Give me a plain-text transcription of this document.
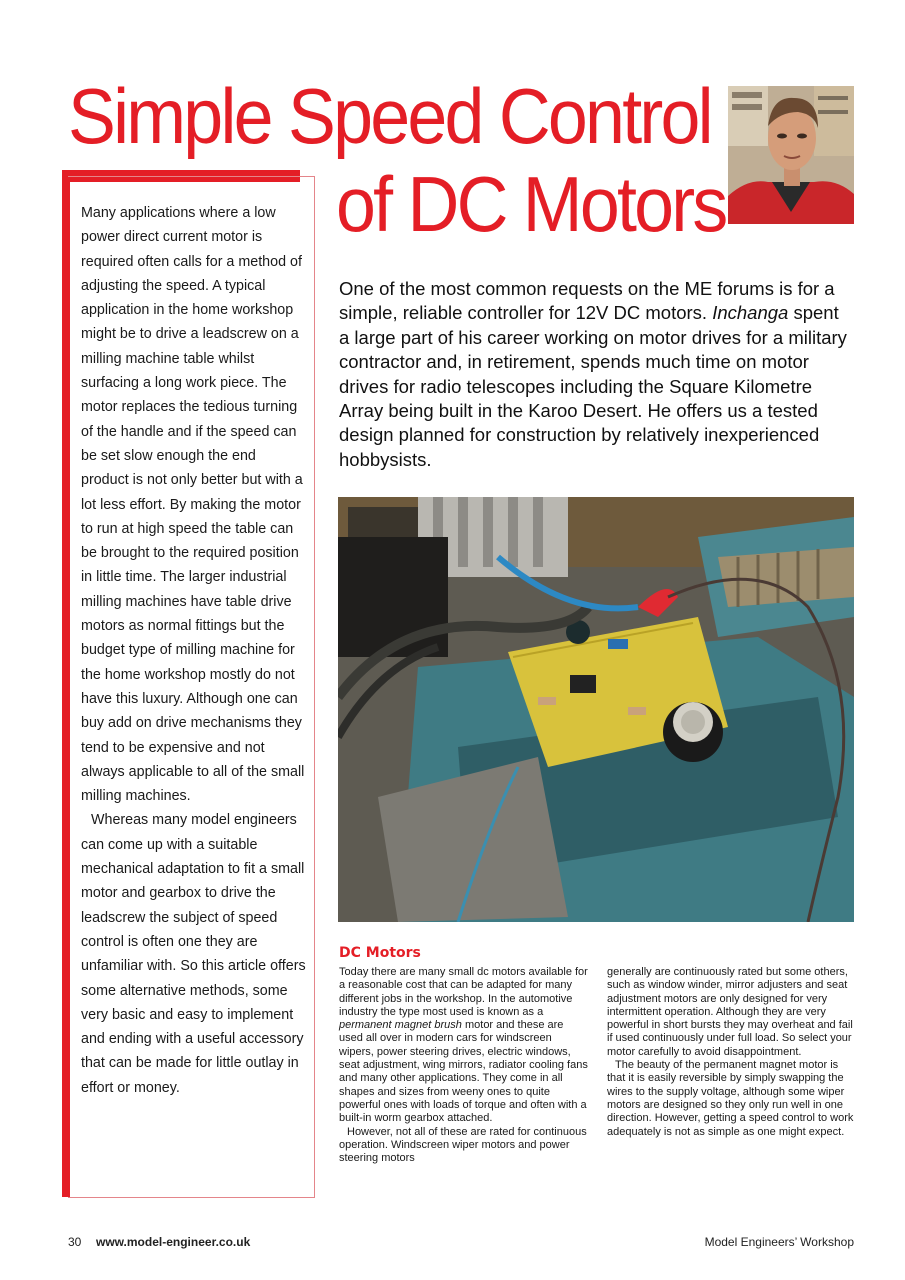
Simple Speed Control
of DC Motors

Many applications where a low power direct current motor is required often calls for a method of adjusting the speed. A typical application in the home workshop might be to drive a leadscrew on a milling machine table whilst surfacing a long work piece. The motor replaces the tedious turning of the handle and if the speed can be set slow enough the end product is not only better but with a lot less effort. By making the motor to run at high speed the table can be brought to the required position in little time. The larger industrial milling machines have table drive motors as normal fittings but the budget type of milling machine for the home workshop mostly do not have this luxury. Although one can buy add on drive mechanisms they tend to be expensive and not always applicable to all of the small milling machines.

Whereas many model engineers can come up with a suitable mechanical adaptation to fit a small motor and gearbox to drive the leadscrew the subject of speed control is often one they are unfamiliar with. So this article offers some alternative methods, some very basic and easy to implement and ending with a useful accessory that can be made for little outlay in effort or money.

One of the most common requests on the ME forums is for a simple, reliable controller for 12V DC motors. Inchanga spent a large part of his career working on motor drives for a military contractor and, in retirement, spends much time on motor drives for radio telescopes including the Square Kilometre Array being built in the Karoo Desert. He offers us a tested design planned for construction by relatively inexperienced hobbysists.
DC Motors

Today there are many small dc motors available for a reasonable cost that can be adapted for many different jobs in the workshop. In the automotive industry the type most used is known as a permanent magnet brush motor and these are used all over in modern cars for windscreen wipers, power steering drives, electric windows, seat adjustment, wing mirrors, radiator cooling fans and many other applications. They come in all shapes and sizes from weeny ones to quite powerful ones with loads of torque and often with a built-in worm gearbox attached.

However, not all of these are rated for continuous operation. Windscreen wiper motors and power steering motors

generally are continuously rated but some others, such as window winder, mirror adjusters and seat adjustment motors are only designed for very intermittent operation. Although they are very powerful in short bursts they may overheat and fail if used continuously under full load. So select your motor carefully to avoid disappointment.

The beauty of the permanent magnet motor is that it is easily reversible by simply swapping the wires to the supply voltage, although some wiper motors are designed so they only run well in one direction. However, getting a speed control to work adequately is not as simple as one might expect.

30 www.model-engineer.co.uk	Model Engineers’ Workshop
